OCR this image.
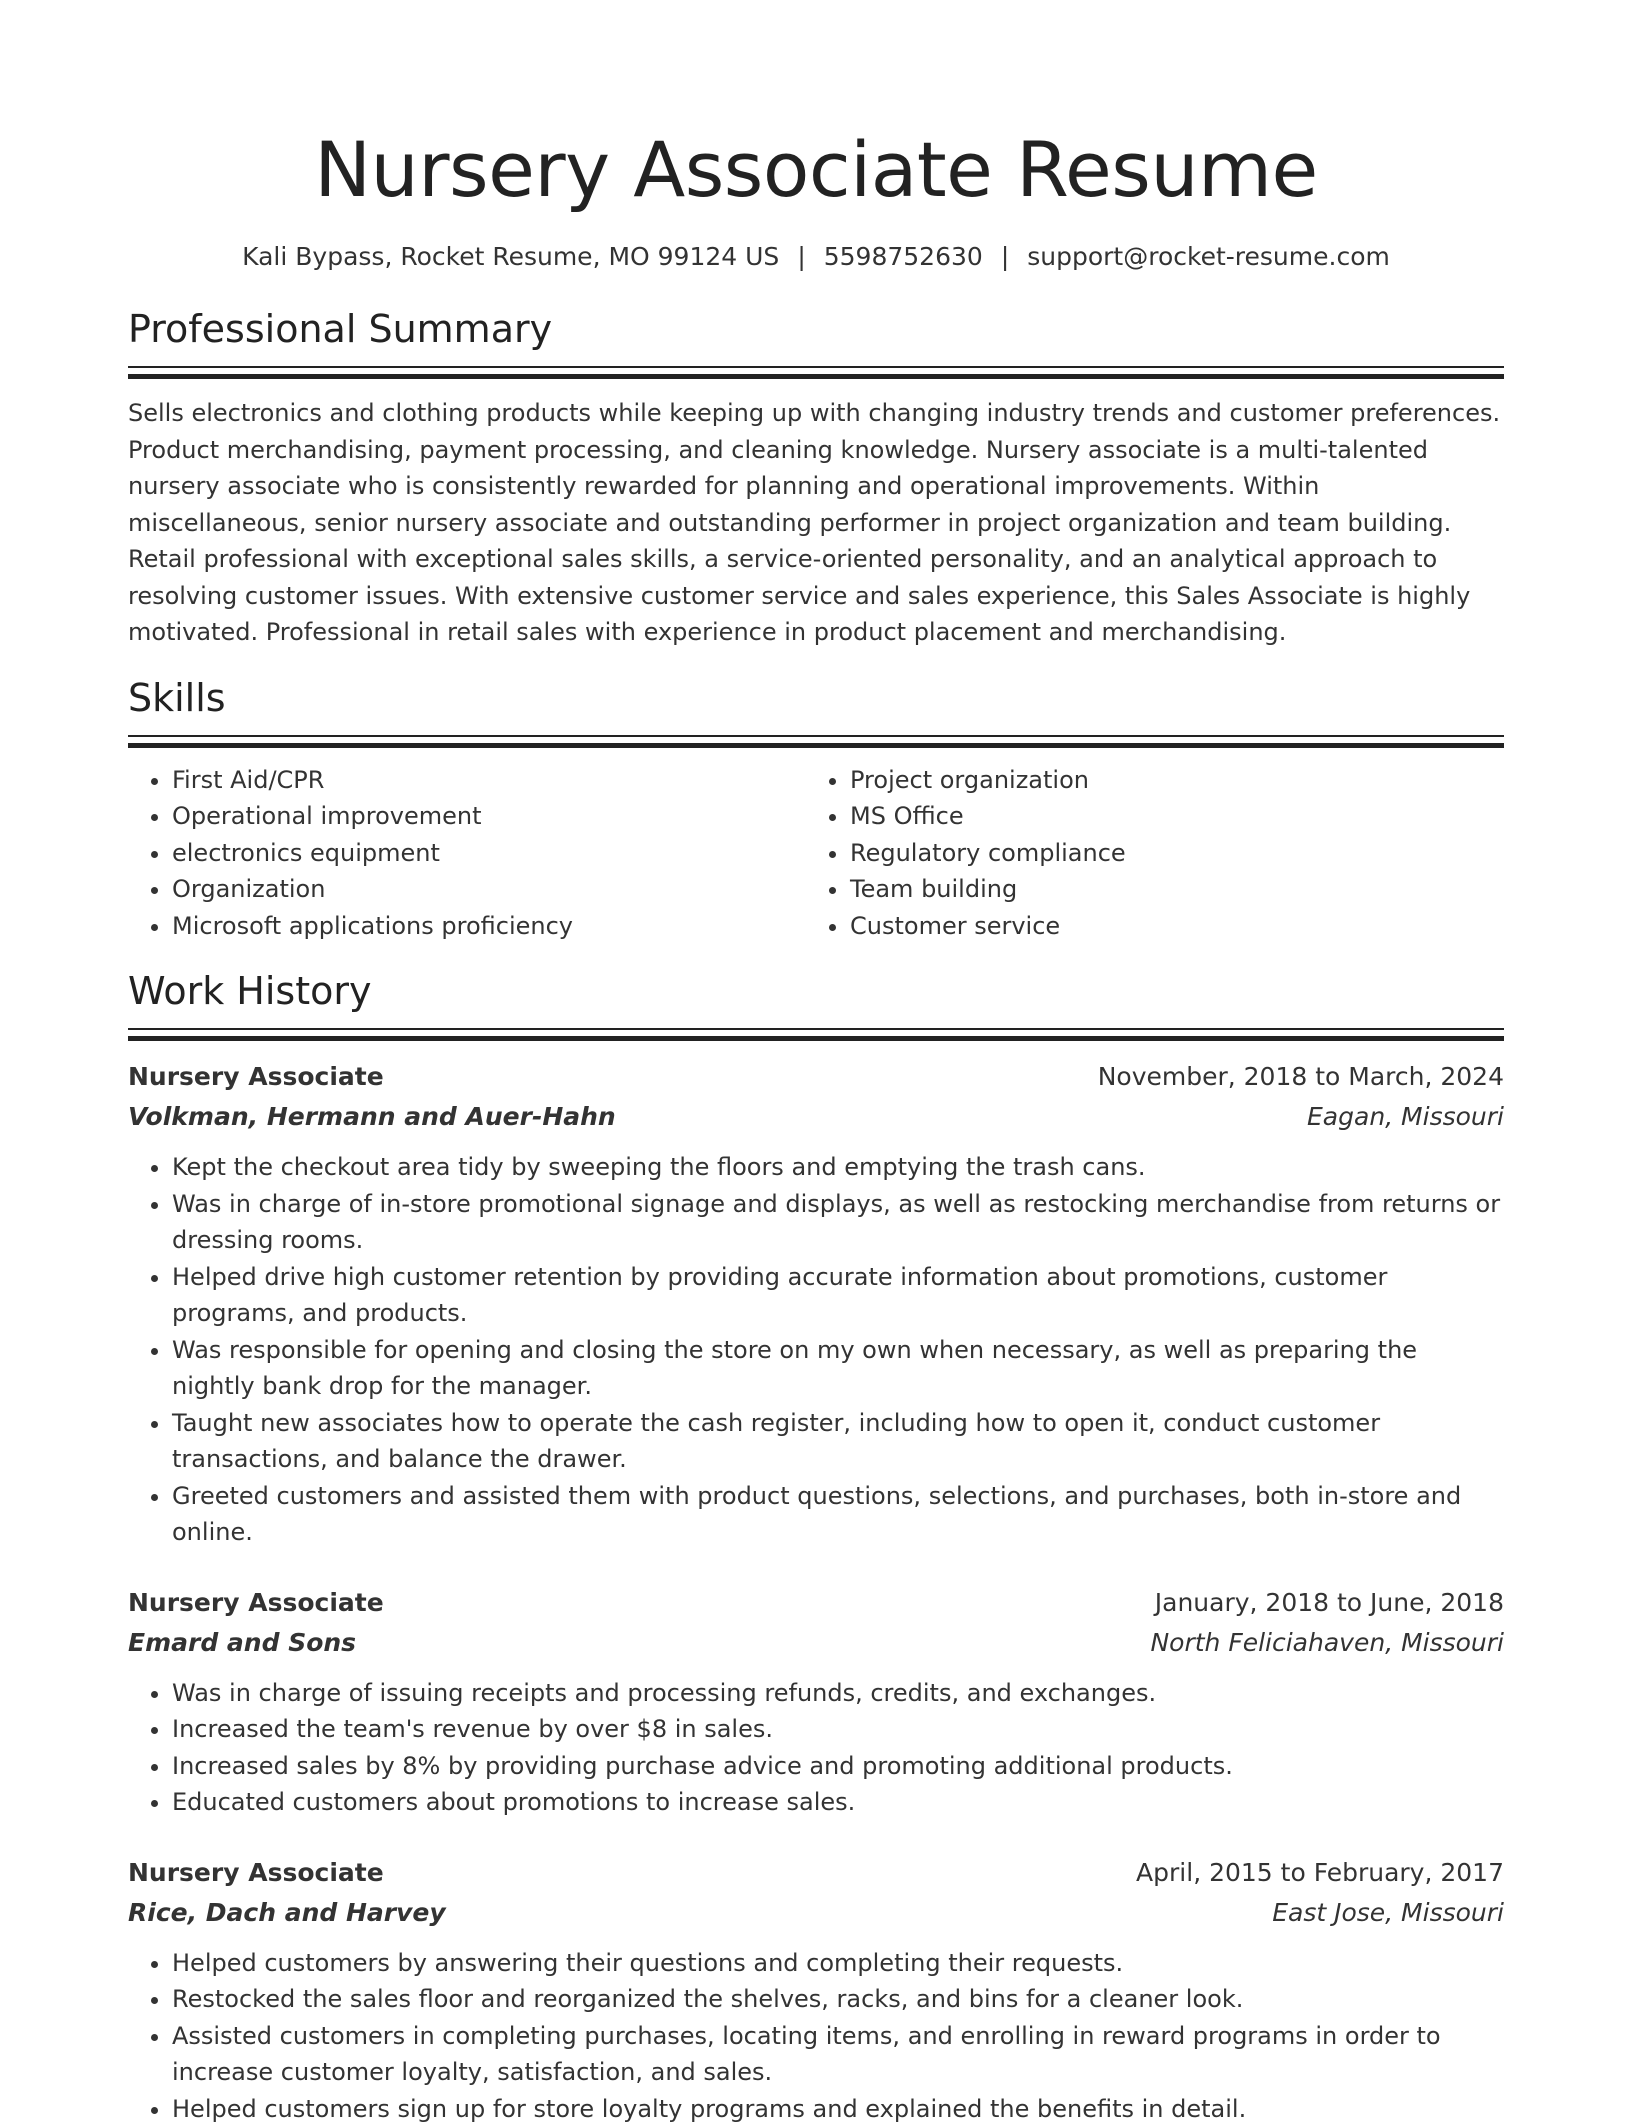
Nursery Associate Resume
Kali Bypass, Rocket Resume, MO 99124 US | 5598752630 | support@rocket-resume.com
Professional Summary

Sells electronics and clothing products while keeping up with changing industry trends and customer preferences. Product merchandising, payment processing, and cleaning knowledge. Nursery associate is a multi-talented nursery associate who is consistently rewarded for planning and operational improvements. Within miscellaneous, senior nursery associate and outstanding performer in project organization and team building. Retail professional with exceptional sales skills, a service-oriented personality, and an analytical approach to resolving customer issues. With extensive customer service and sales experience, this Sales Associate is highly motivated. Professional in retail sales with experience in product placement and merchandising.

Skills
• First Aid/CPR
• Operational improvement
• electronics equipment
• Organization
• Microsoft applications proficiency
• Project organization
• MS Office
• Regulatory compliance
• Team building
• Customer service
Work History
Nursery Associate	November, 2018 to March, 2024
Volkman, Hermann and Auer-Hahn	Eagan, Missouri
• Kept the checkout area tidy by sweeping the floors and emptying the trash cans.
• Was in charge of in-store promotional signage and displays, as well as restocking merchandise from returns or dressing rooms.
• Helped drive high customer retention by providing accurate information about promotions, customer programs, and products.
• Was responsible for opening and closing the store on my own when necessary, as well as preparing the nightly bank drop for the manager.
• Taught new associates how to operate the cash register, including how to open it, conduct customer transactions, and balance the drawer.
• Greeted customers and assisted them with product questions, selections, and purchases, both in-store and online.
Nursery Associate	January, 2018 to June, 2018
Emard and Sons	North Feliciahaven, Missouri
• Was in charge of issuing receipts and processing refunds, credits, and exchanges.
• Increased the team's revenue by over $8 in sales.
• Increased sales by 8% by providing purchase advice and promoting additional products.
• Educated customers about promotions to increase sales.
Nursery Associate	April, 2015 to February, 2017
Rice, Dach and Harvey	East Jose, Missouri
• Helped customers by answering their questions and completing their requests.
• Restocked the sales floor and reorganized the shelves, racks, and bins for a cleaner look.
• Assisted customers in completing purchases, locating items, and enrolling in reward programs in order to increase customer loyalty, satisfaction, and sales.
• Helped customers sign up for store loyalty programs and explained the benefits in detail.
